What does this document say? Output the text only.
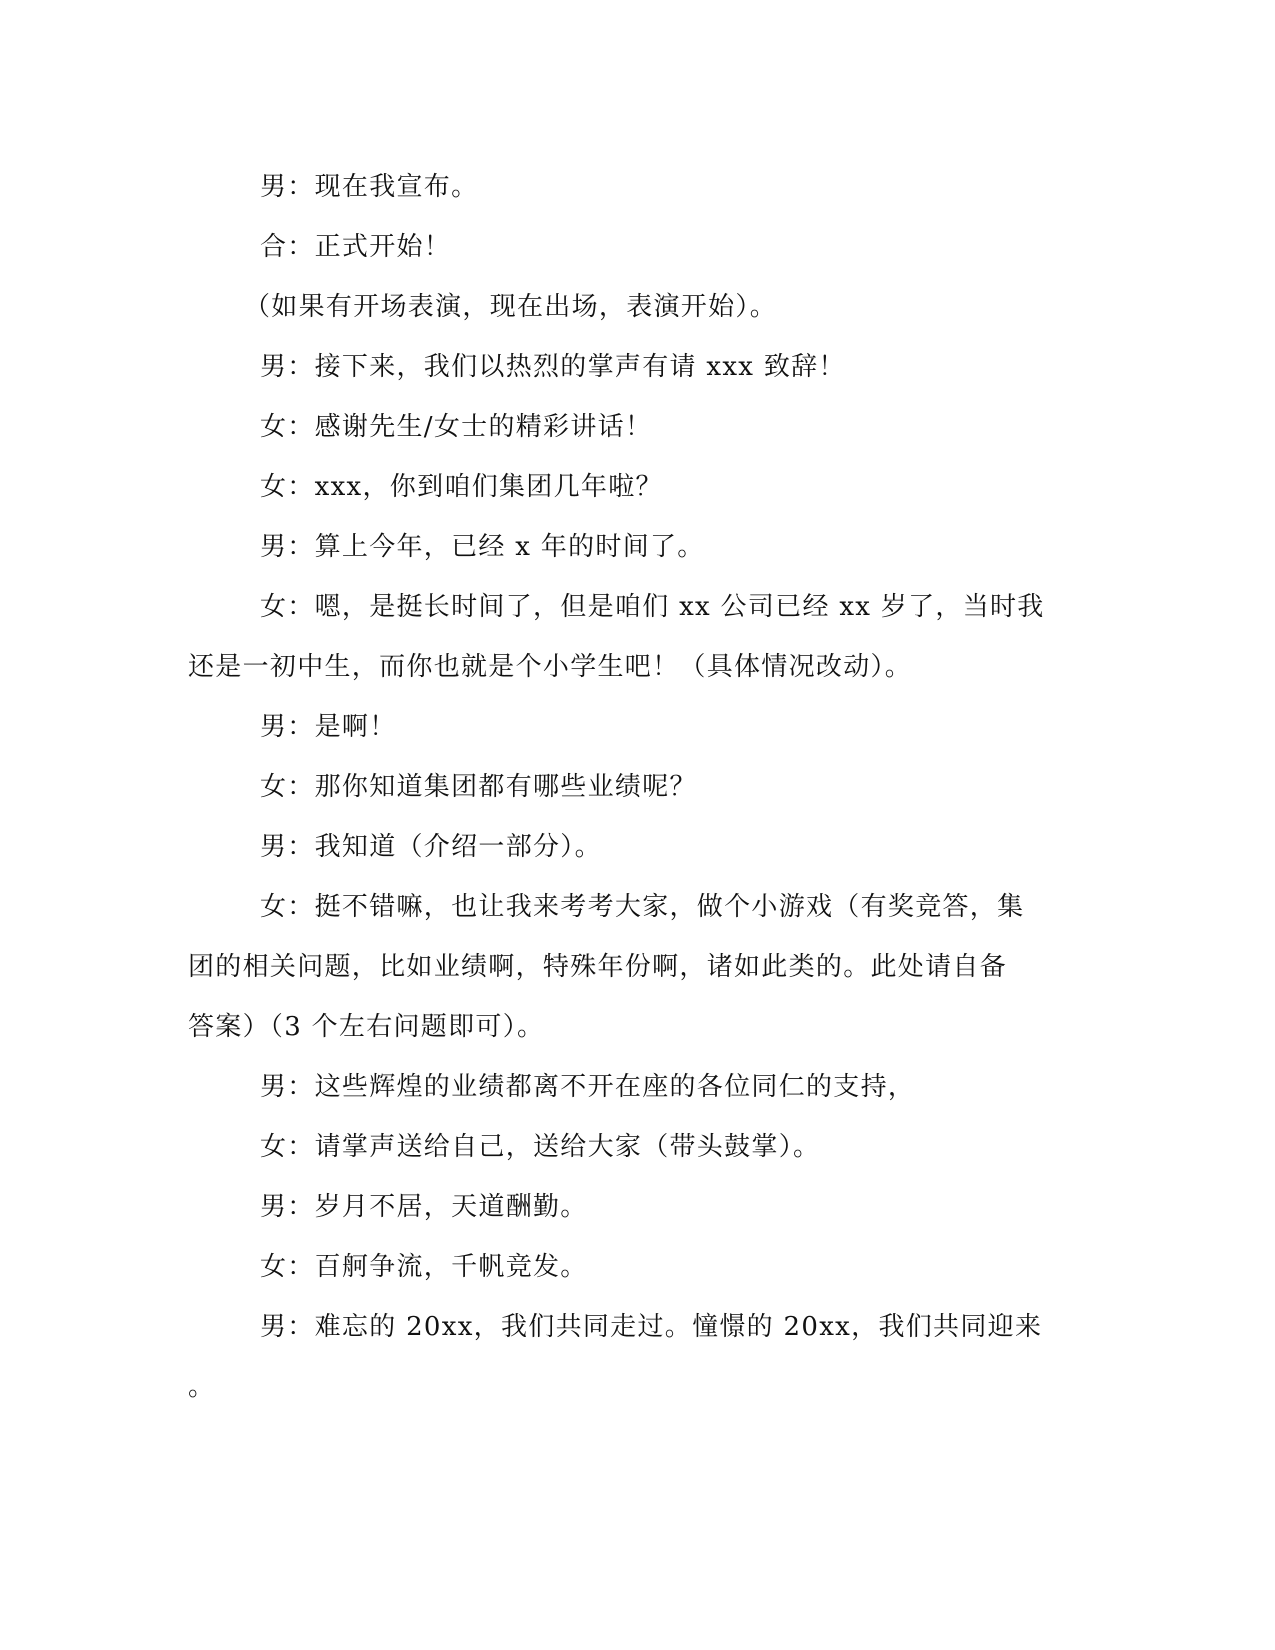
男：现在我宣布。

合：正式开始！

（如果有开场表演，现在出场，表演开始）。

男：接下来，我们以热烈的掌声有请 xxx 致辞！

女：感谢先生/女士的精彩讲话！

女：xxx，你到咱们集团几年啦？

男：算上今年，已经 x 年的时间了。

女：嗯，是挺长时间了，但是咱们 xx 公司已经 xx 岁了，当时我

还是一初中生，而你也就是个小学生吧！（具体情况改动）。

男：是啊！

女：那你知道集团都有哪些业绩呢？

男：我知道（介绍一部分）。

女：挺不错嘛，也让我来考考大家，做个小游戏（有奖竞答，集

团的相关问题，比如业绩啊，特殊年份啊，诸如此类的。此处请自备

答案）（3 个左右问题即可）。

男：这些辉煌的业绩都离不开在座的各位同仁的支持，

女：请掌声送给自己，送给大家（带头鼓掌）。

男：岁月不居，天道酬勤。

女：百舸争流，千帆竞发。

男：难忘的 20xx，我们共同走过。憧憬的 20xx，我们共同迎来

。
